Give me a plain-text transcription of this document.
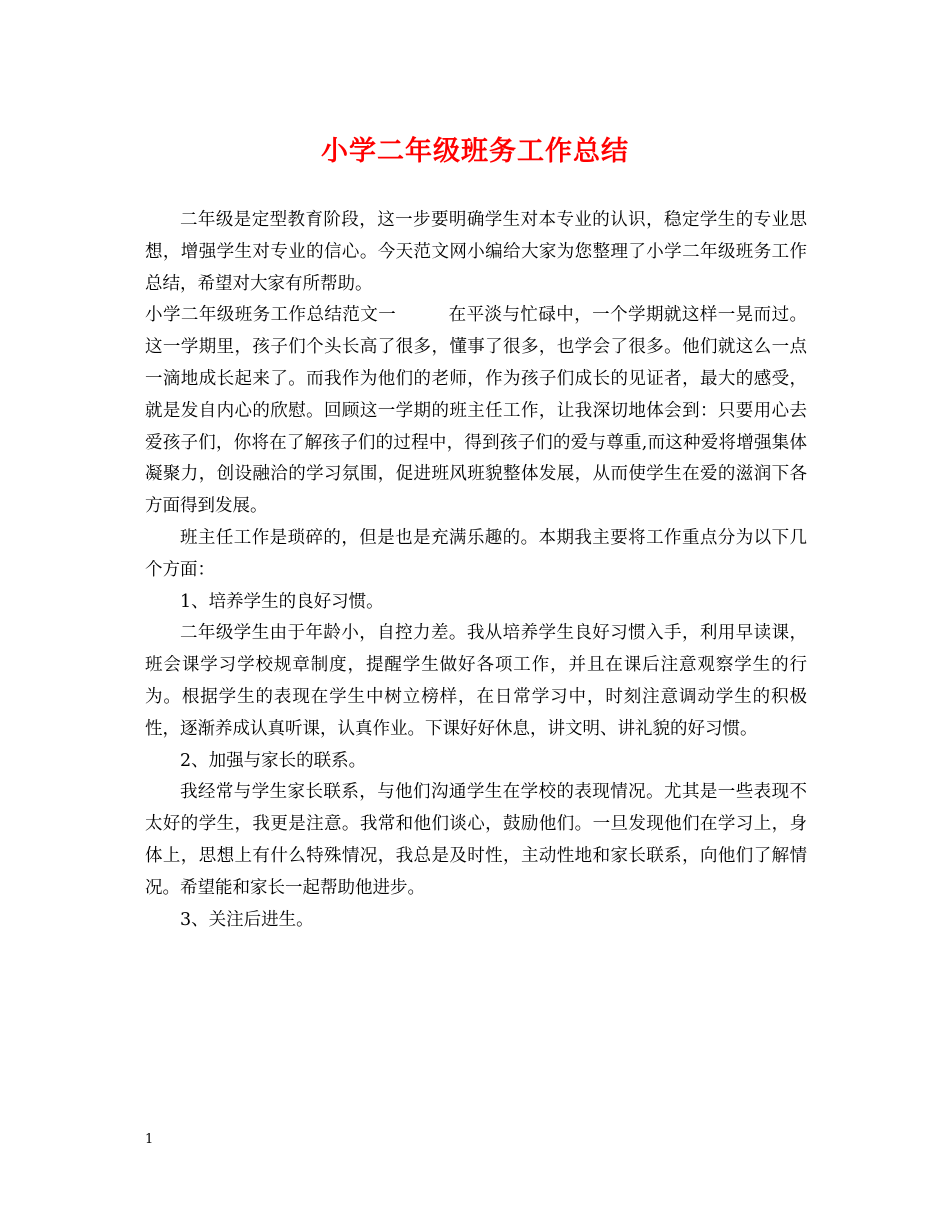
小学二年级班务工作总结

二年级是定型教育阶段，这一步要明确学生对本专业的认识，稳定学生的专业思想，增强学生对专业的信心。今天范文网小编给大家为您整理了小学二年级班务工作总结，希望对大家有所帮助。

小学二年级班务工作总结范文一	在平淡与忙碌中，一个学期就这样一晃而过。这一学期里，孩子们个头长高了很多，懂事了很多，也学会了很多。他们就这么一点一滴地成长起来了。而我作为他们的老师，作为孩子们成长的见证者，最大的感受，就是发自内心的欣慰。回顾这一学期的班主任工作，让我深切地体会到：只要用心去爱孩子们，你将在了解孩子们的过程中，得到孩子们的爱与尊重,而这种爱将增强集体凝聚力，创设融洽的学习氛围，促进班风班貌整体发展，从而使学生在爱的滋润下各方面得到发展。

班主任工作是琐碎的，但是也是充满乐趣的。本期我主要将工作重点分为以下几个方面：

1、培养学生的良好习惯。

二年级学生由于年龄小，自控力差。我从培养学生良好习惯入手，利用早读课，班会课学习学校规章制度，提醒学生做好各项工作，并且在课后注意观察学生的行为。根据学生的表现在学生中树立榜样，在日常学习中，时刻注意调动学生的积极性，逐渐养成认真听课，认真作业。下课好好休息，讲文明、讲礼貌的好习惯。

2、加强与家长的联系。

我经常与学生家长联系，与他们沟通学生在学校的表现情况。尤其是一些表现不太好的学生，我更是注意。我常和他们谈心，鼓励他们。一旦发现他们在学习上，身体上，思想上有什么特殊情况，我总是及时性，主动性地和家长联系，向他们了解情况。希望能和家长一起帮助他进步。

3、关注后进生。

1
